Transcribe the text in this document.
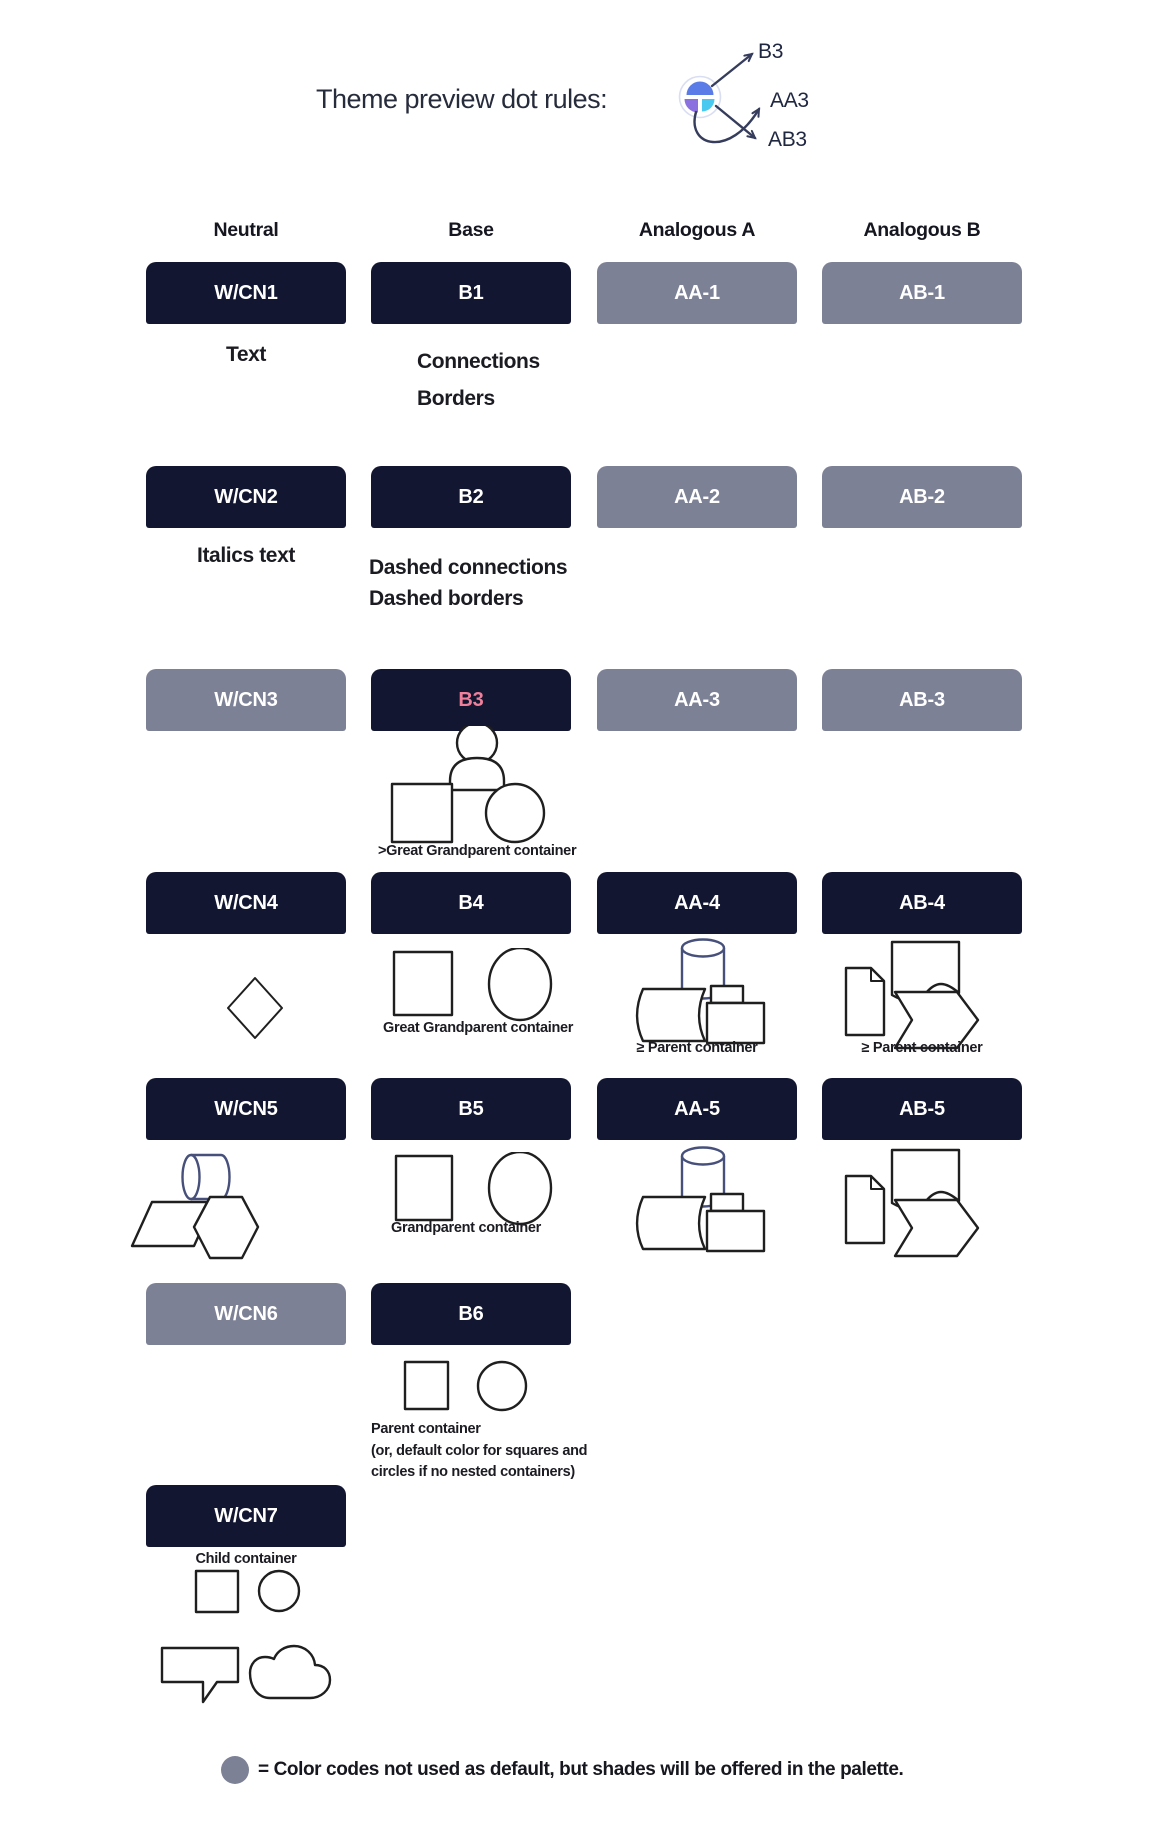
Theme preview dot rules:
B3
AA3
AB3
Neutral	Base	Analogous A	Analogous B
W/CN1	B1	AA-1	AB-1
Text	Connections
Borders
W/CN2	B2	AA-2	AB-2
Italics text
Dashed connections
Dashed borders
W/CN3	B3	AA-3	AB-3
>Great Grandparent container
W/CN4	B4	AA-4	AB-4
Great Grandparent container
≥ Parent container	≥ Parent container
W/CN5	B5	AA-5	AB-5
Grandparent container
W/CN6	B6
Parent container
(or, default color for squares and
circles if no nested containers)
W/CN7
Child container
= Color codes not used as default, but shades will be offered in the palette.
